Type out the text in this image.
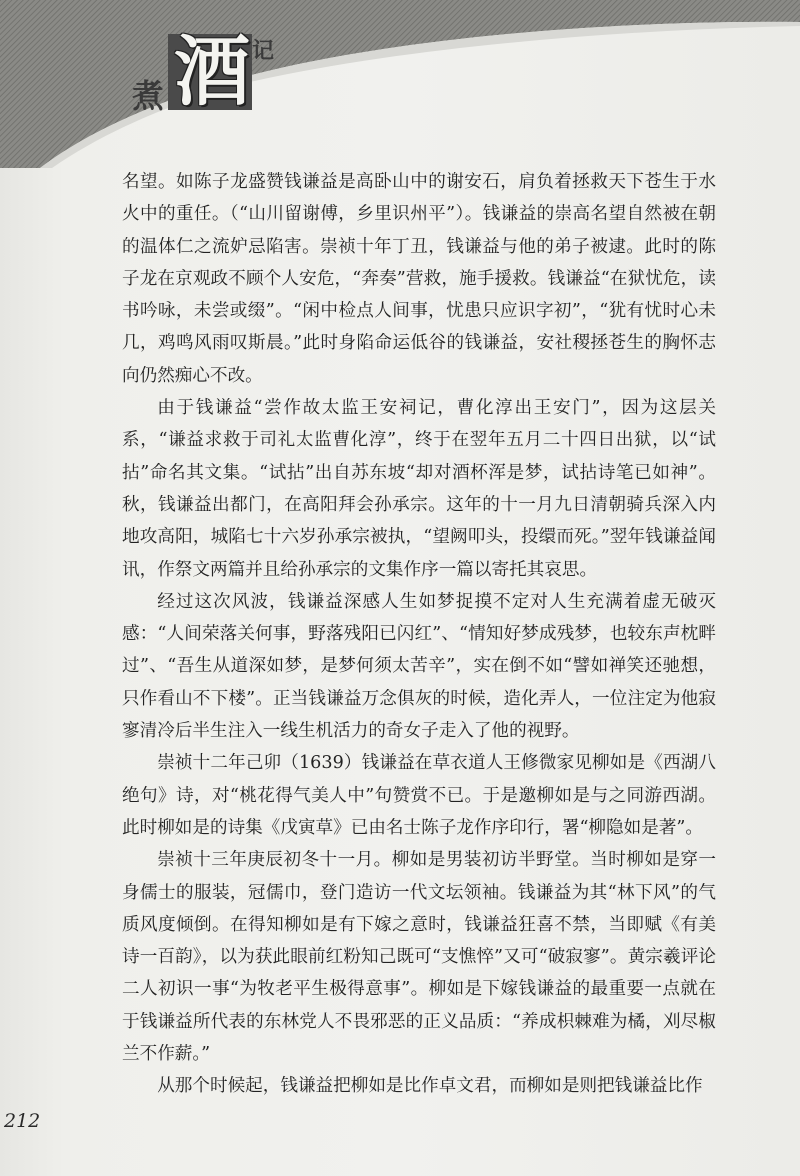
酒
煮
记

名望。如陈子龙盛赞钱谦益是高卧山中的谢安石，肩负着拯救天下苍生于水火中的重任。（“山川留谢傅，乡里识州平”）。钱谦益的崇高名望自然被在朝的温体仁之流妒忌陷害。崇祯十年丁丑，钱谦益与他的弟子被逮。此时的陈子龙在京观政不顾个人安危，“奔奏”营救，施手援救。钱谦益“在狱忧危，读书吟咏，未尝或缀”。“闲中检点人间事，忧患只应识字初”，“犹有忧时心未几，鸡鸣风雨叹斯晨。”此时身陷命运低谷的钱谦益，安社稷拯苍生的胸怀志向仍然痴心不改。

由于钱谦益“尝作故太监王安祠记，曹化淳出王安门”，因为这层关系，“谦益求救于司礼太监曹化淳”，终于在翌年五月二十四日出狱，以“试拈”命名其文集。“试拈”出自苏东坡“却对酒杯浑是梦，试拈诗笔已如神”。秋，钱谦益出都门，在高阳拜会孙承宗。这年的十一月九日清朝骑兵深入内地攻高阳，城陷七十六岁孙承宗被执，“望阙叩头，投缳而死。”翌年钱谦益闻讯，作祭文两篇并且给孙承宗的文集作序一篇以寄托其哀思。

经过这次风波，钱谦益深感人生如梦捉摸不定对人生充满着虚无破灭感：“人间荣落关何事，野落残阳已闪红”、“情知好梦成残梦，也较东声枕畔过”、“吾生从道深如梦，是梦何须太苦辛”，实在倒不如“譬如禅笑还驰想，只作看山不下楼”。正当钱谦益万念俱灰的时候，造化弄人，一位注定为他寂寥清冷后半生注入一线生机活力的奇女子走入了他的视野。

崇祯十二年己卯（1639）钱谦益在草衣道人王修微家见柳如是《西湖八绝句》诗，对“桃花得气美人中”句赞赏不已。于是邀柳如是与之同游西湖。此时柳如是的诗集《戊寅草》已由名士陈子龙作序印行，署“柳隐如是著”。

崇祯十三年庚辰初冬十一月。柳如是男装初访半野堂。当时柳如是穿一身儒士的服装，冠儒巾，登门造访一代文坛领袖。钱谦益为其“林下风”的气质风度倾倒。在得知柳如是有下嫁之意时，钱谦益狂喜不禁，当即赋《有美诗一百韵》，以为获此眼前红粉知己既可“支憔悴”又可“破寂寥”。黄宗羲评论二人初识一事“为牧老平生极得意事”。柳如是下嫁钱谦益的最重要一点就在于钱谦益所代表的东林党人不畏邪恶的正义品质：“养成枳棘难为橘，刈尽椒兰不作薪。”

从那个时候起，钱谦益把柳如是比作卓文君，而柳如是则把钱谦益比作

212
